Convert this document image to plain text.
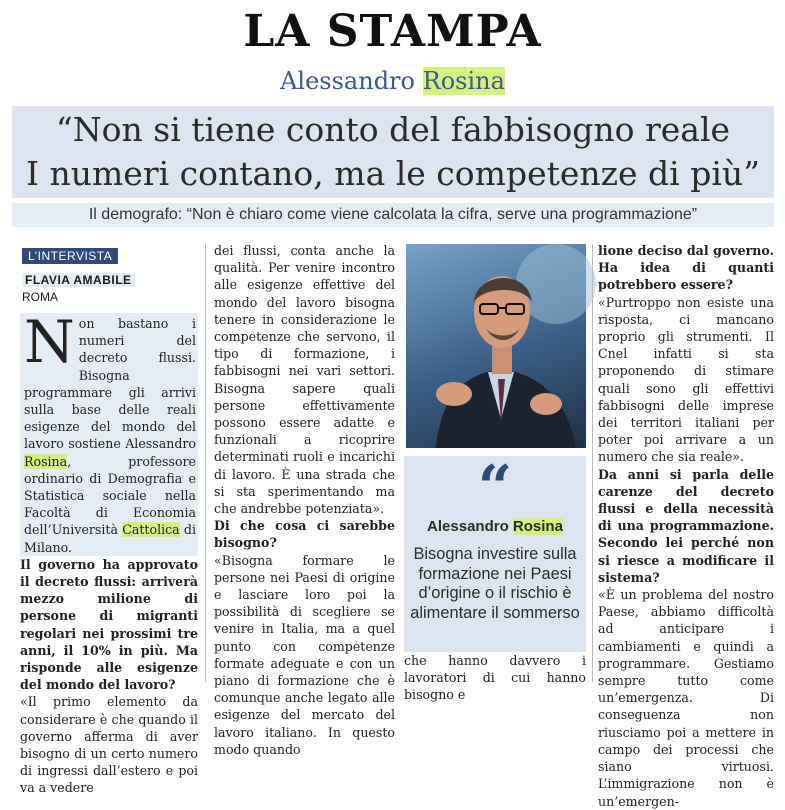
LA STAMPA
Alessandro Rosina
“Non si tiene conto del fabbisogno reale
I numeri contano, ma le competenze di più”
Il demografo: “Non è chiaro come viene calcolata la cifra, serve una programmazione”
L’INTERVISTA
FLAVIA AMABILE
ROMA
N on bastano i numeri del decreto flussi. Bisogna programmare gli arrivi sulla base delle reali esigenze del mondo del lavoro sostiene Alessandro Rosina, professore ordinario di Demografia e Statistica sociale nella Facoltà di Economia dell’Università Cattolica di Milano.

Il governo ha approvato il decreto flussi: arriverà mezzo milione di persone di migranti regolari nei prossimi tre anni, il 10% in più. Ma risponde alle esigenze del mondo del lavoro?

«Il primo elemento da considerare è che quando il governo afferma di aver bisogno di un certo numero di ingressi dall’estero e poi va a vedere

dei flussi, conta anche la qualità. Per venire incontro alle esigenze effettive del mondo del lavoro bisogna tenere in considerazione le competenze che servono, il tipo di formazione, i fabbisogni nei vari settori. Bisogna sapere quali persone effettivamente possono essere adatte e funzionali a ricoprire determinati ruoli e incarichi di lavoro. È una strada che si sta sperimentando ma che andrebbe potenziata».

Di che cosa ci sarebbe bisogno?

«Bisogna formare le persone nei Paesi di origine e lasciare loro poi la possibilità di scegliere se venire in Italia, ma a quel punto con competenze formate adeguate e con un piano di formazione che è comunque anche legato alle esigenze del mercato del lavoro italiano. In questo modo quando

“
Alessandro Rosina
Bisogna investire sulla formazione nei Paesi d’origine o il rischio è alimentare il sommerso
che hanno davvero i lavoratori di cui hanno bisogno e

lione deciso dal governo. Ha idea di quanti potrebbero essere?

«Purtroppo non esiste una risposta, ci mancano proprio gli strumenti. Il Cnel infatti si sta proponendo di stimare quali sono gli effettivi fabbisogni delle imprese dei territori italiani per poter poi arrivare a un numero che sia reale».

Da anni si parla delle carenze del decreto flussi e della necessità di una programmazione. Secondo lei perché non si riesce a modificare il sistema?

«È un problema del nostro Paese, abbiamo difficoltà ad anticipare i cambiamenti e quindi a programmare. Gestiamo sempre tutto come un’emergenza. Di conseguenza non riusciamo poi a mettere in campo dei processi che siano virtuosi. L’immigrazione non è un’emergen-
